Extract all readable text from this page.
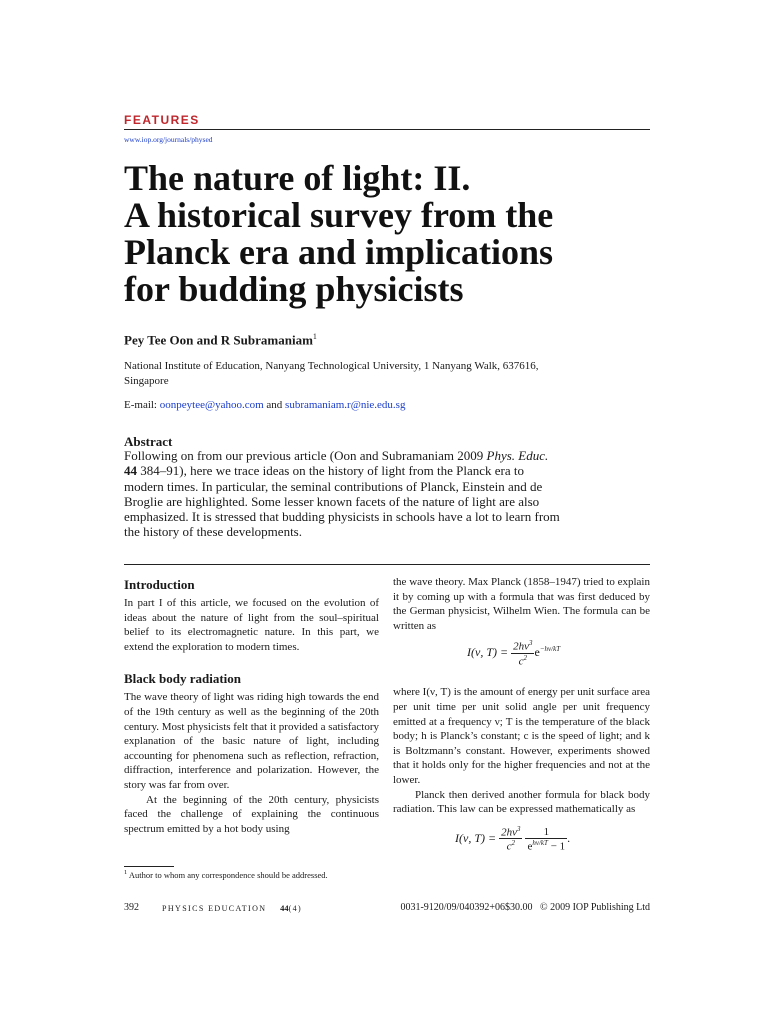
FEATURES
www.iop.org/journals/physed
The nature of light: II.
A historical survey from the
Planck era and implications
for budding physicists
Pey Tee Oon and R Subramaniam$^1$
National Institute of Education, Nanyang Technological University, 1 Nanyang Walk, 637616, Singapore
E-mail: oonpeytee@yahoo.com and subramaniam.r@nie.edu.sg
Abstract

Following on from our previous article (Oon and Subramaniam 2009 Phys. Educ. 44 384–91), here we trace ideas on the history of light from the Planck era to modern times. In particular, the seminal contributions of Planck, Einstein and de Broglie are highlighted. Some lesser known facets of the nature of light are also emphasized. It is stressed that budding physicists in schools have a lot to learn from the history of these developments.

Introduction

In part I of this article, we focused on the evolution of ideas about the nature of light from the soul–spiritual belief to its electromagnetic nature. In this part, we extend the exploration to modern times.

Black body radiation

The wave theory of light was riding high towards the end of the 19th century as well as the beginning of the 20th century. Most physicists felt that it provided a satisfactory explanation of the basic nature of light, including accounting for phenomena such as reflection, refraction, diffraction, interference and polarization. However, the story was far from over.

At the beginning of the 20th century, physicists faced the challenge of explaining the continuous spectrum emitted by a hot body using

the wave theory. Max Planck (1858–1947) tried to explain it by coming up with a formula that was first deduced by the German physicist, Wilhelm Wien. The formula can be written as

I(ν, $T) = \frac{2h\nu^3}{c^2} e^{-h\nu/kT}$

where I(ν, T) is the amount of energy per unit surface area per unit time per unit solid angle per unit frequency emitted at a frequency ν; T is the temperature of the black body; h is Planck’s constant; c is the speed of light; and k is Boltzmann’s constant. However, experiments showed that it holds only for the higher frequencies and not at the lower.

Planck then derived another formula for black body radiation. This law can be expressed mathematically as

I(ν, $T) = \frac{2h\nu^3}{c^2}$
$\frac{1}{e^{h\nu/kT} - 1}$ .
$^1$ Author to whom any correspondence should be addressed.
392	PHYSICS EDUCATION 44(4)	0031-9120/09/040392+06$30.00   © 2009 IOP Publishing Ltd
